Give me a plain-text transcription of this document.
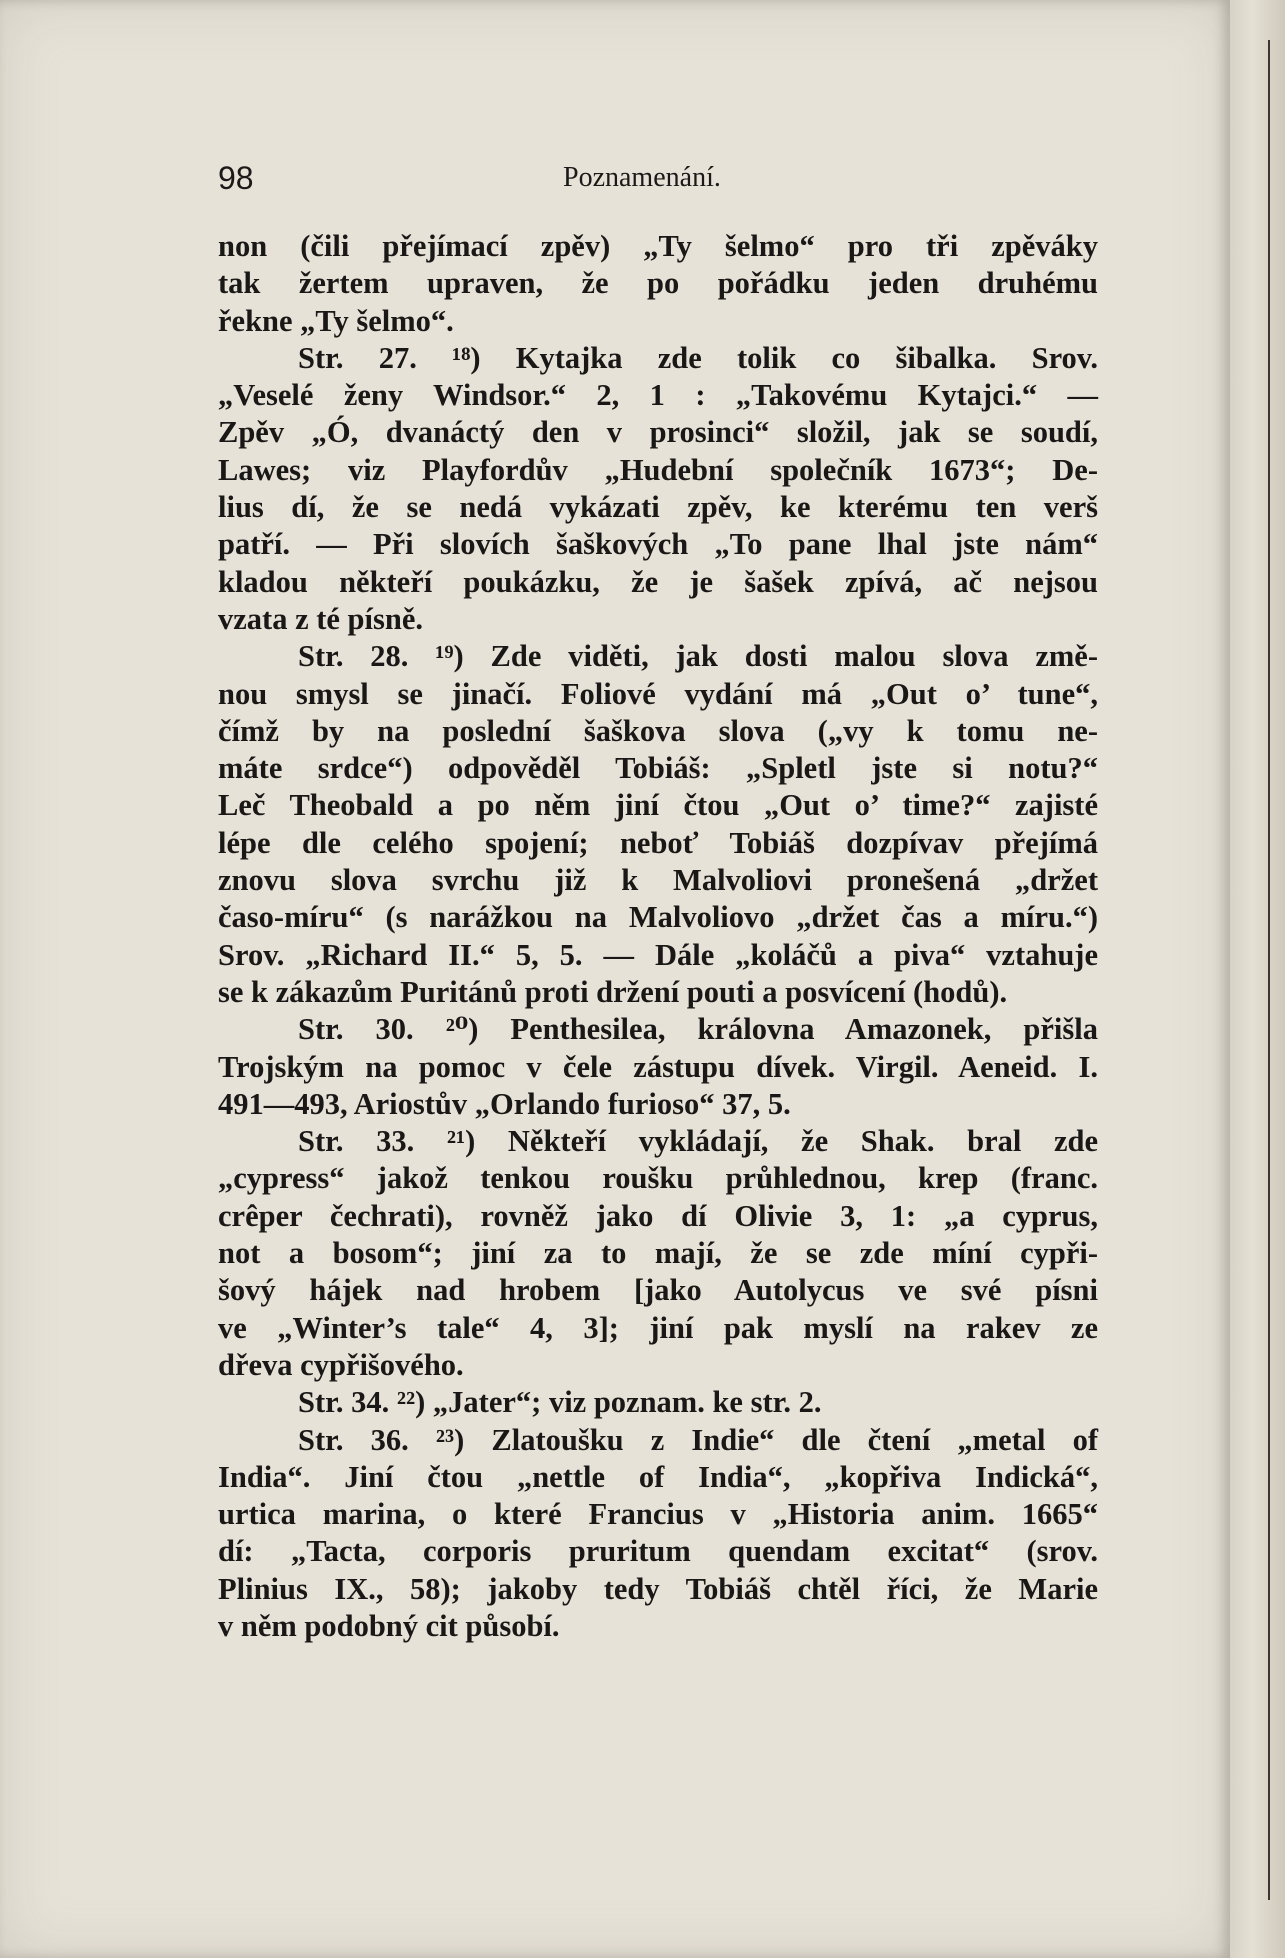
98	Poznamenání.
non (čili přejímací zpěv) „Ty šelmo“ pro tři zpěváky
tak žertem upraven, že po pořádku jeden druhému
řekne „Ty šelmo“.
Str. 27. ¹⁸) Kytajka zde tolik co šibalka. Srov.
„Veselé ženy Windsor.“ 2, 1 : „Takovému Kytajci.“ —
Zpěv „Ó, dvanáctý den v prosinci“ složil, jak se soudí,
Lawes; viz Playfordův „Hudební společník 1673“; De-
lius dí, že se nedá vykázati zpěv, ke kterému ten verš
patří. — Při slovích šaškových „To pane lhal jste nám“
kladou někteří poukázku, že je šašek zpívá, ač nejsou
vzata z té písně.
Str. 28. ¹⁹) Zde viděti, jak dosti malou slova změ-
nou smysl se jinačí. Foliové vydání má „Out o’ tune“,
čímž by na poslední šaškova slova („vy k tomu ne-
máte srdce“) odpověděl Tobiáš: „Spletl jste si notu?“
Leč Theobald a po něm jiní čtou „Out o’ time?“ zajisté
lépe dle celého spojení; neboť Tobiáš dozpívav přejímá
znovu slova svrchu již k Malvoliovi pronešená „držet
časo-míru“ (s narážkou na Malvoliovo „držet čas a míru.“)
Srov. „Richard II.“ 5, 5. — Dále „koláčů a piva“ vztahuje
se k zákazům Puritánů proti držení pouti a posvícení (hodů).
Str. 30. ²⁰) Penthesilea, královna Amazonek, přišla
Trojským na pomoc v čele zástupu dívek. Virgil. Aeneid. I.
491—493, Ariostův „Orlando furioso“ 37, 5.
Str. 33. ²¹) Někteří vykládají, že Shak. bral zde
„cypress“ jakož tenkou roušku průhlednou, krep (franc.
crêper čechrati), rovněž jako dí Olivie 3, 1: „a cyprus,
not a bosom“; jiní za to mají, že se zde míní cypři-
šový hájek nad hrobem [jako Autolycus ve své písni
ve „Winter’s tale“ 4, 3]; jiní pak myslí na rakev ze
dřeva cypřišového.
Str. 34. ²²) „Jater“; viz poznam. ke str. 2.
Str. 36. ²³) Zlatoušku z Indie“ dle čtení „metal of
India“. Jiní čtou „nettle of India“, „kopřiva Indická“,
urtica marina, o které Francius v „Historia anim. 1665“
dí: „Tacta, corporis pruritum quendam excitat“ (srov.
Plinius IX., 58); jakoby tedy Tobiáš chtěl říci, že Marie
v něm podobný cit působí.
